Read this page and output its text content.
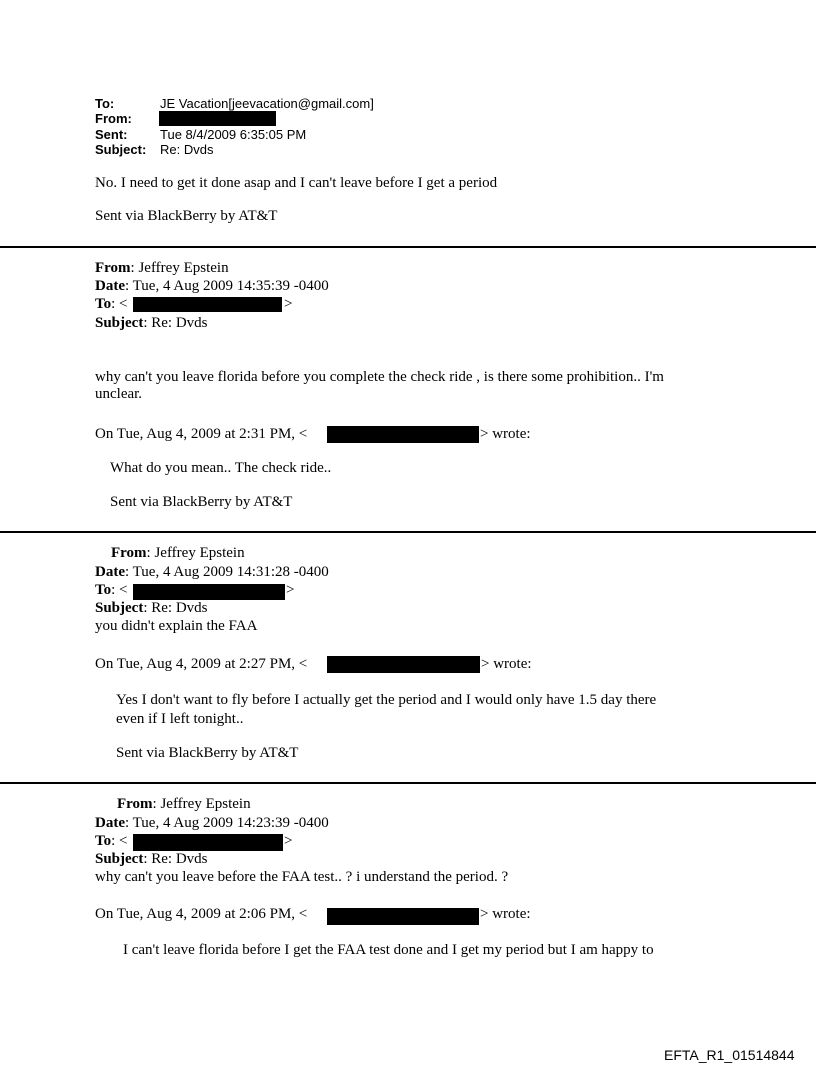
To:	JE Vacation[jeevacation@gmail.com]
From:
Sent:	Tue 8/4/2009 6:35:05 PM
Subject: Re: Dvds
No. I need to get it done asap and I can't leave before I get a period
Sent via BlackBerry by AT&T
From: Jeffrey Epstein
Date: Tue, 4 Aug 2009 14:35:39 -0400
To: <	>
Subject: Re: Dvds
why can't you leave florida before you complete the check ride , is there some prohibition.. I'm
unclear.
On Tue, Aug 4, 2009 at 2:31 PM, <	> wrote:
What do you mean.. The check ride..
Sent via BlackBerry by AT&T
From: Jeffrey Epstein
Date: Tue, 4 Aug 2009 14:31:28 -0400
To: <	>
Subject: Re: Dvds
you didn't explain the FAA
On Tue, Aug 4, 2009 at 2:27 PM, <	> wrote:
Yes I don't want to fly before I actually get the period and I would only have 1.5 day there
even if I left tonight..
Sent via BlackBerry by AT&T
From: Jeffrey Epstein
Date: Tue, 4 Aug 2009 14:23:39 -0400
To: <	>
Subject: Re: Dvds
why can't you leave before the FAA test.. ? i understand the period. ?
On Tue, Aug 4, 2009 at 2:06 PM, <	> wrote:
I can't leave florida before I get the FAA test done and I get my period but I am happy to
EFTA_R1_01514844
